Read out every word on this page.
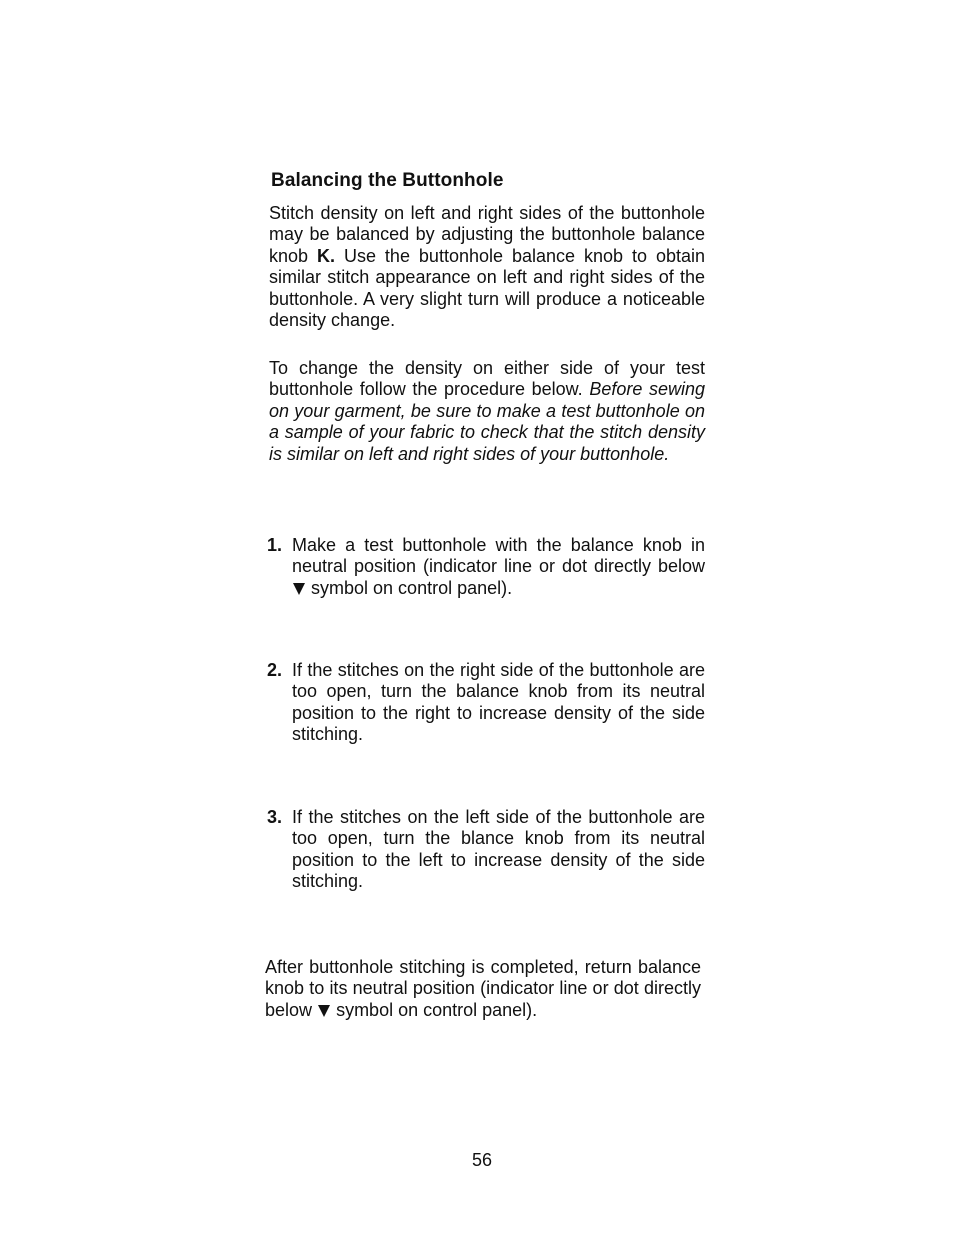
Balancing the Buttonhole

Stitch density on left and right sides of the buttonhole may be balanced by adjusting the buttonhole balance knob K. Use the buttonhole balance knob to obtain similar stitch appearance on left and right sides of the buttonhole. A very slight turn will produce a noticeable density change.

To change the density on either side of your test buttonhole follow the procedure below. Before sewing on your garment, be sure to make a test buttonhole on a sample of your fabric to check that the stitch density is similar on left and right sides of your buttonhole.

1. Make a test buttonhole with the balance knob in neutral position (indicator line or dot directly below  symbol on control panel).
2. If the stitches on the right side of the buttonhole are too open, turn the balance knob from its neutral position to the right to increase density of the side stitching.
3. If the stitches on the left side of the buttonhole are too open, turn the blance knob from its neutral position to the left to increase density of the side stitching.

After buttonhole stitching is completed, return balance knob to its neutral position (indicator line or dot directly below symbol on control panel).

56
